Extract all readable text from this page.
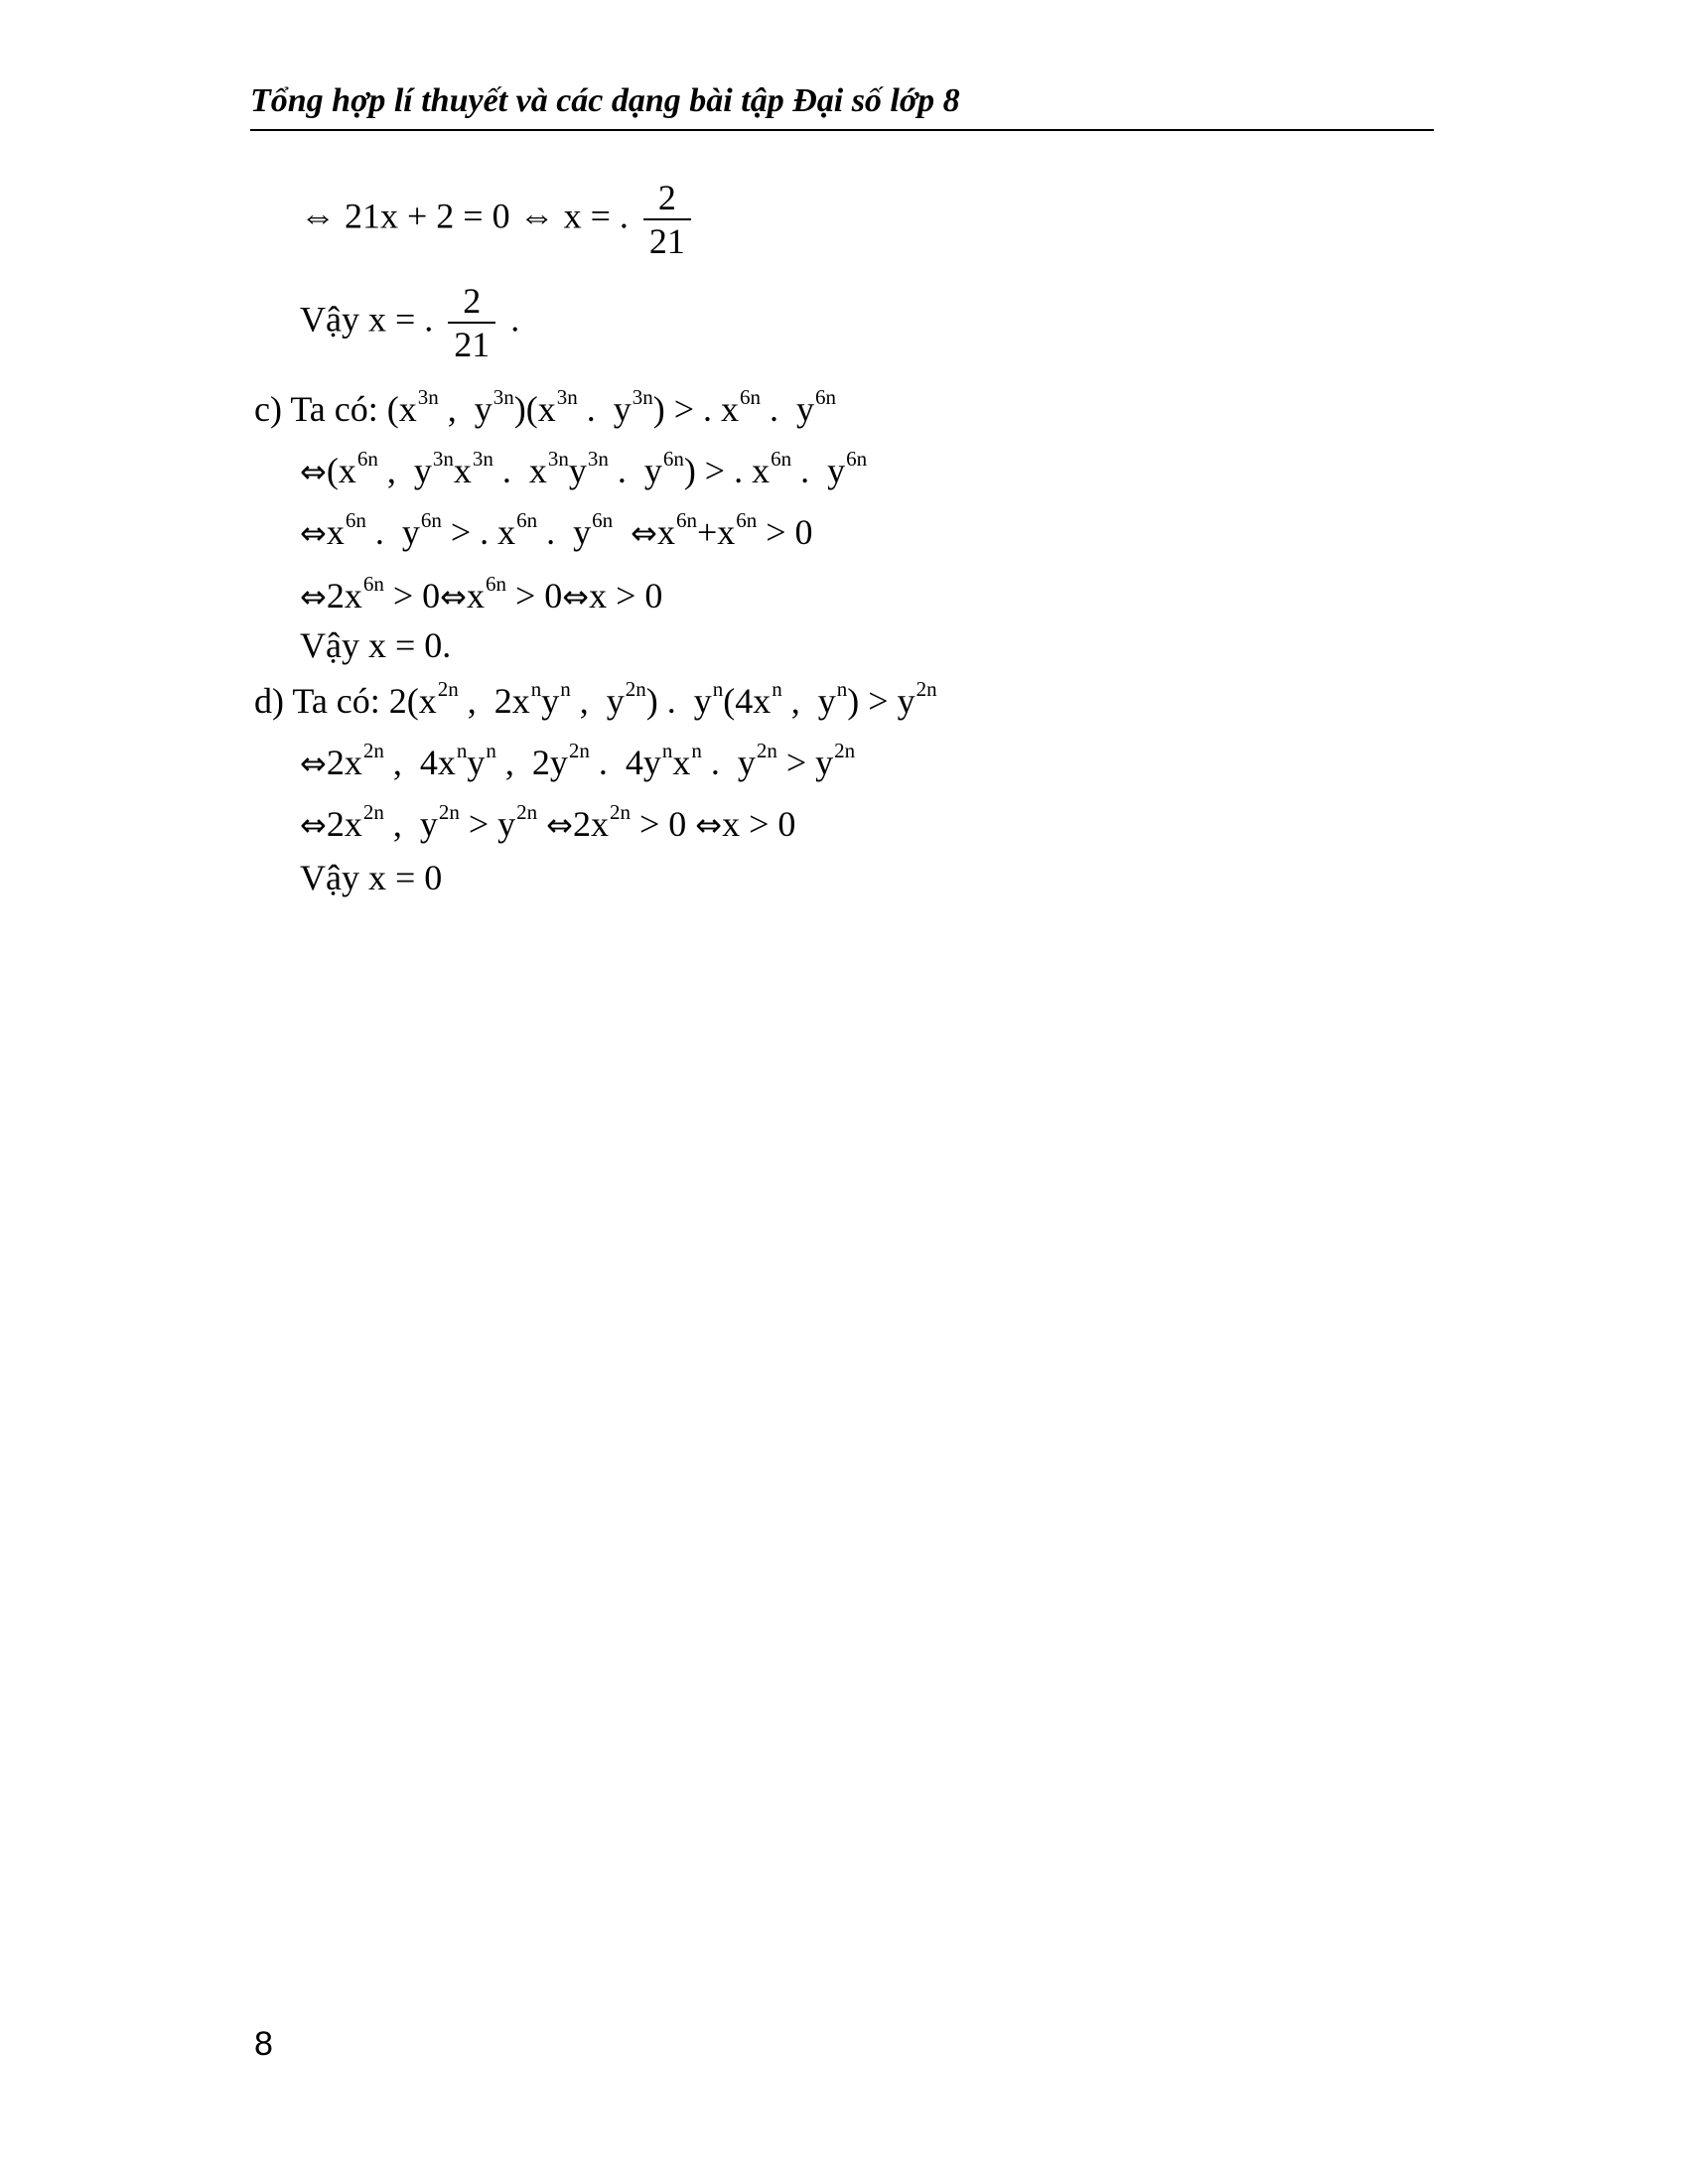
Tổng hợp lí thuyết và các dạng bài tập Đại số lớp 8
⇔ 21x + 2 = 0 ⇔ x = . $\frac{2}{21}$
Vậy x = . $\frac{2}{21}$ .
c) Ta có: ($x^{3n}$ ,  $y^{3n})(x^{3n}$ .  $y^{3n}$) > . $x^{6n}$ .  $y^{6n}$
$\Leftrightarrow(x^{6n}$ ,  $y^{3n}x^{3n}$ .  $x^{3n}y^{3n}$ .  $y^{6n}$) > . $x^{6n}$ .  $y^{6n}$
$\Leftrightarrow x^{6n}$ .  $y^{6n}$ > . $x^{6n}$ .  $y^{6n}$ $\Leftrightarrow x^{6n}+x^{6n} > 0$
$\Leftrightarrow 2x^{6n}$ > $0\Leftrightarrow x^{6n}$ > 0⇔x > 0
Vậy x = 0.
d) Ta có: $2(x^{2n}$ ,  $2x^ny^n$ ,  $y^{2n}$) .  $y^n(4x^n$ ,  $y^n) > y^{2n}$
$\Leftrightarrow 2x^{2n}$ ,  $4x^ny^n$ ,  $2y^{2n}$ .  $4y^nx^n$ .  $y^{2n} > y^{2n}$
$\Leftrightarrow 2x^{2n}$ ,  $y^{2n} > y^{2n}$ $\Leftrightarrow 2x^{2n} > 0$ ⇔x > 0
Vậy x = 0
8
